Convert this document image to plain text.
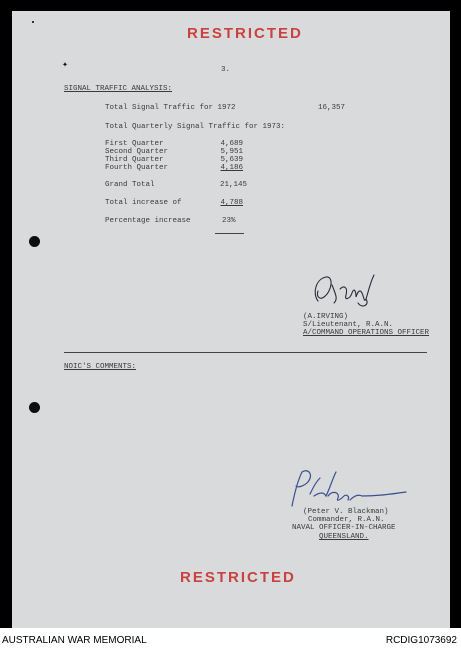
RESTRICTED
✦	3.
SIGNAL TRAFFIC ANALYSIS:
Total Signal Traffic for 1972	16,357
Total Quarterly Signal Traffic for 1973:
First Quarter	4,689
Second Quarter	5,951
Third Quarter	5,639
Fourth Quarter	4,186
Grand Total	21,145
Total increase of	4,788
Percentage increase	23%
(A.IRVING)
S/Lieutenant, R.A.N.
A/COMMAND OPERATIONS OFFICER
NOIC'S COMMENTS:
(Peter V. Blackman)
Commander, R.A.N.
NAVAL OFFICER-IN-CHARGE
QUEENSLAND.
RESTRICTED
AUSTRALIAN WAR MEMORIAL	RCDIG1073692
